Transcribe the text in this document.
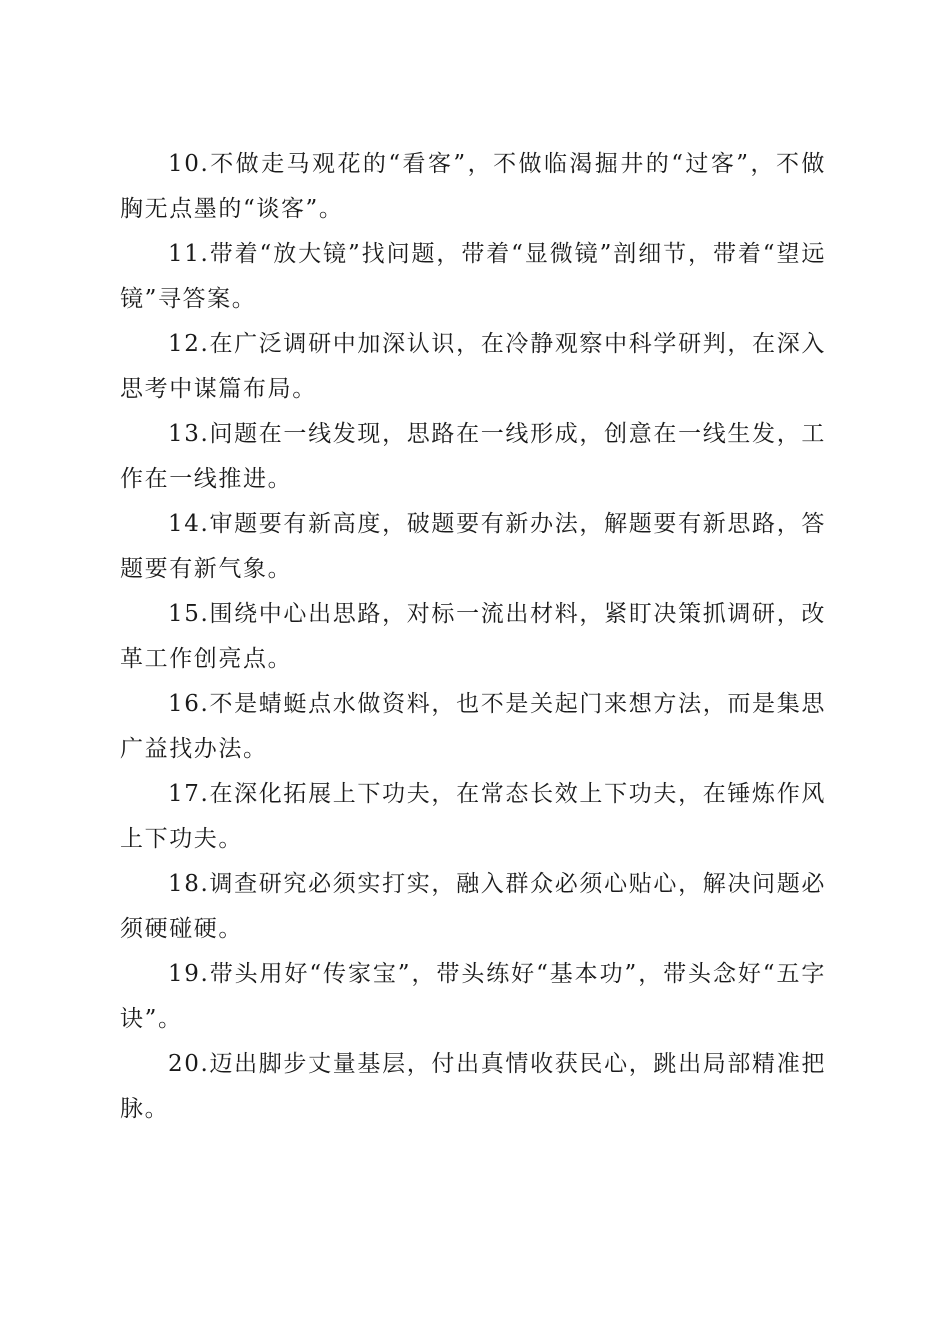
10.不做走马观花的“看客”，不做临渴掘井的“过客”，不做胸无点墨的“谈客”。

11.带着“放大镜”找问题，带着“显微镜”剖细节，带着“望远镜”寻答案。

12.在广泛调研中加深认识，在冷静观察中科学研判，在深入思考中谋篇布局。

13.问题在一线发现，思路在一线形成，创意在一线生发，工作在一线推进。

14.审题要有新高度，破题要有新办法，解题要有新思路，答题要有新气象。

15.围绕中心出思路，对标一流出材料，紧盯决策抓调研，改革工作创亮点。

16.不是蜻蜓点水做资料，也不是关起门来想方法，而是集思广益找办法。

17.在深化拓展上下功夫，在常态长效上下功夫，在锤炼作风上下功夫。

18.调查研究必须实打实，融入群众必须心贴心，解决问题必须硬碰硬。

19.带头用好“传家宝”，带头练好“基本功”，带头念好“五字诀”。

20.迈出脚步丈量基层，付出真情收获民心，跳出局部精准把脉。
